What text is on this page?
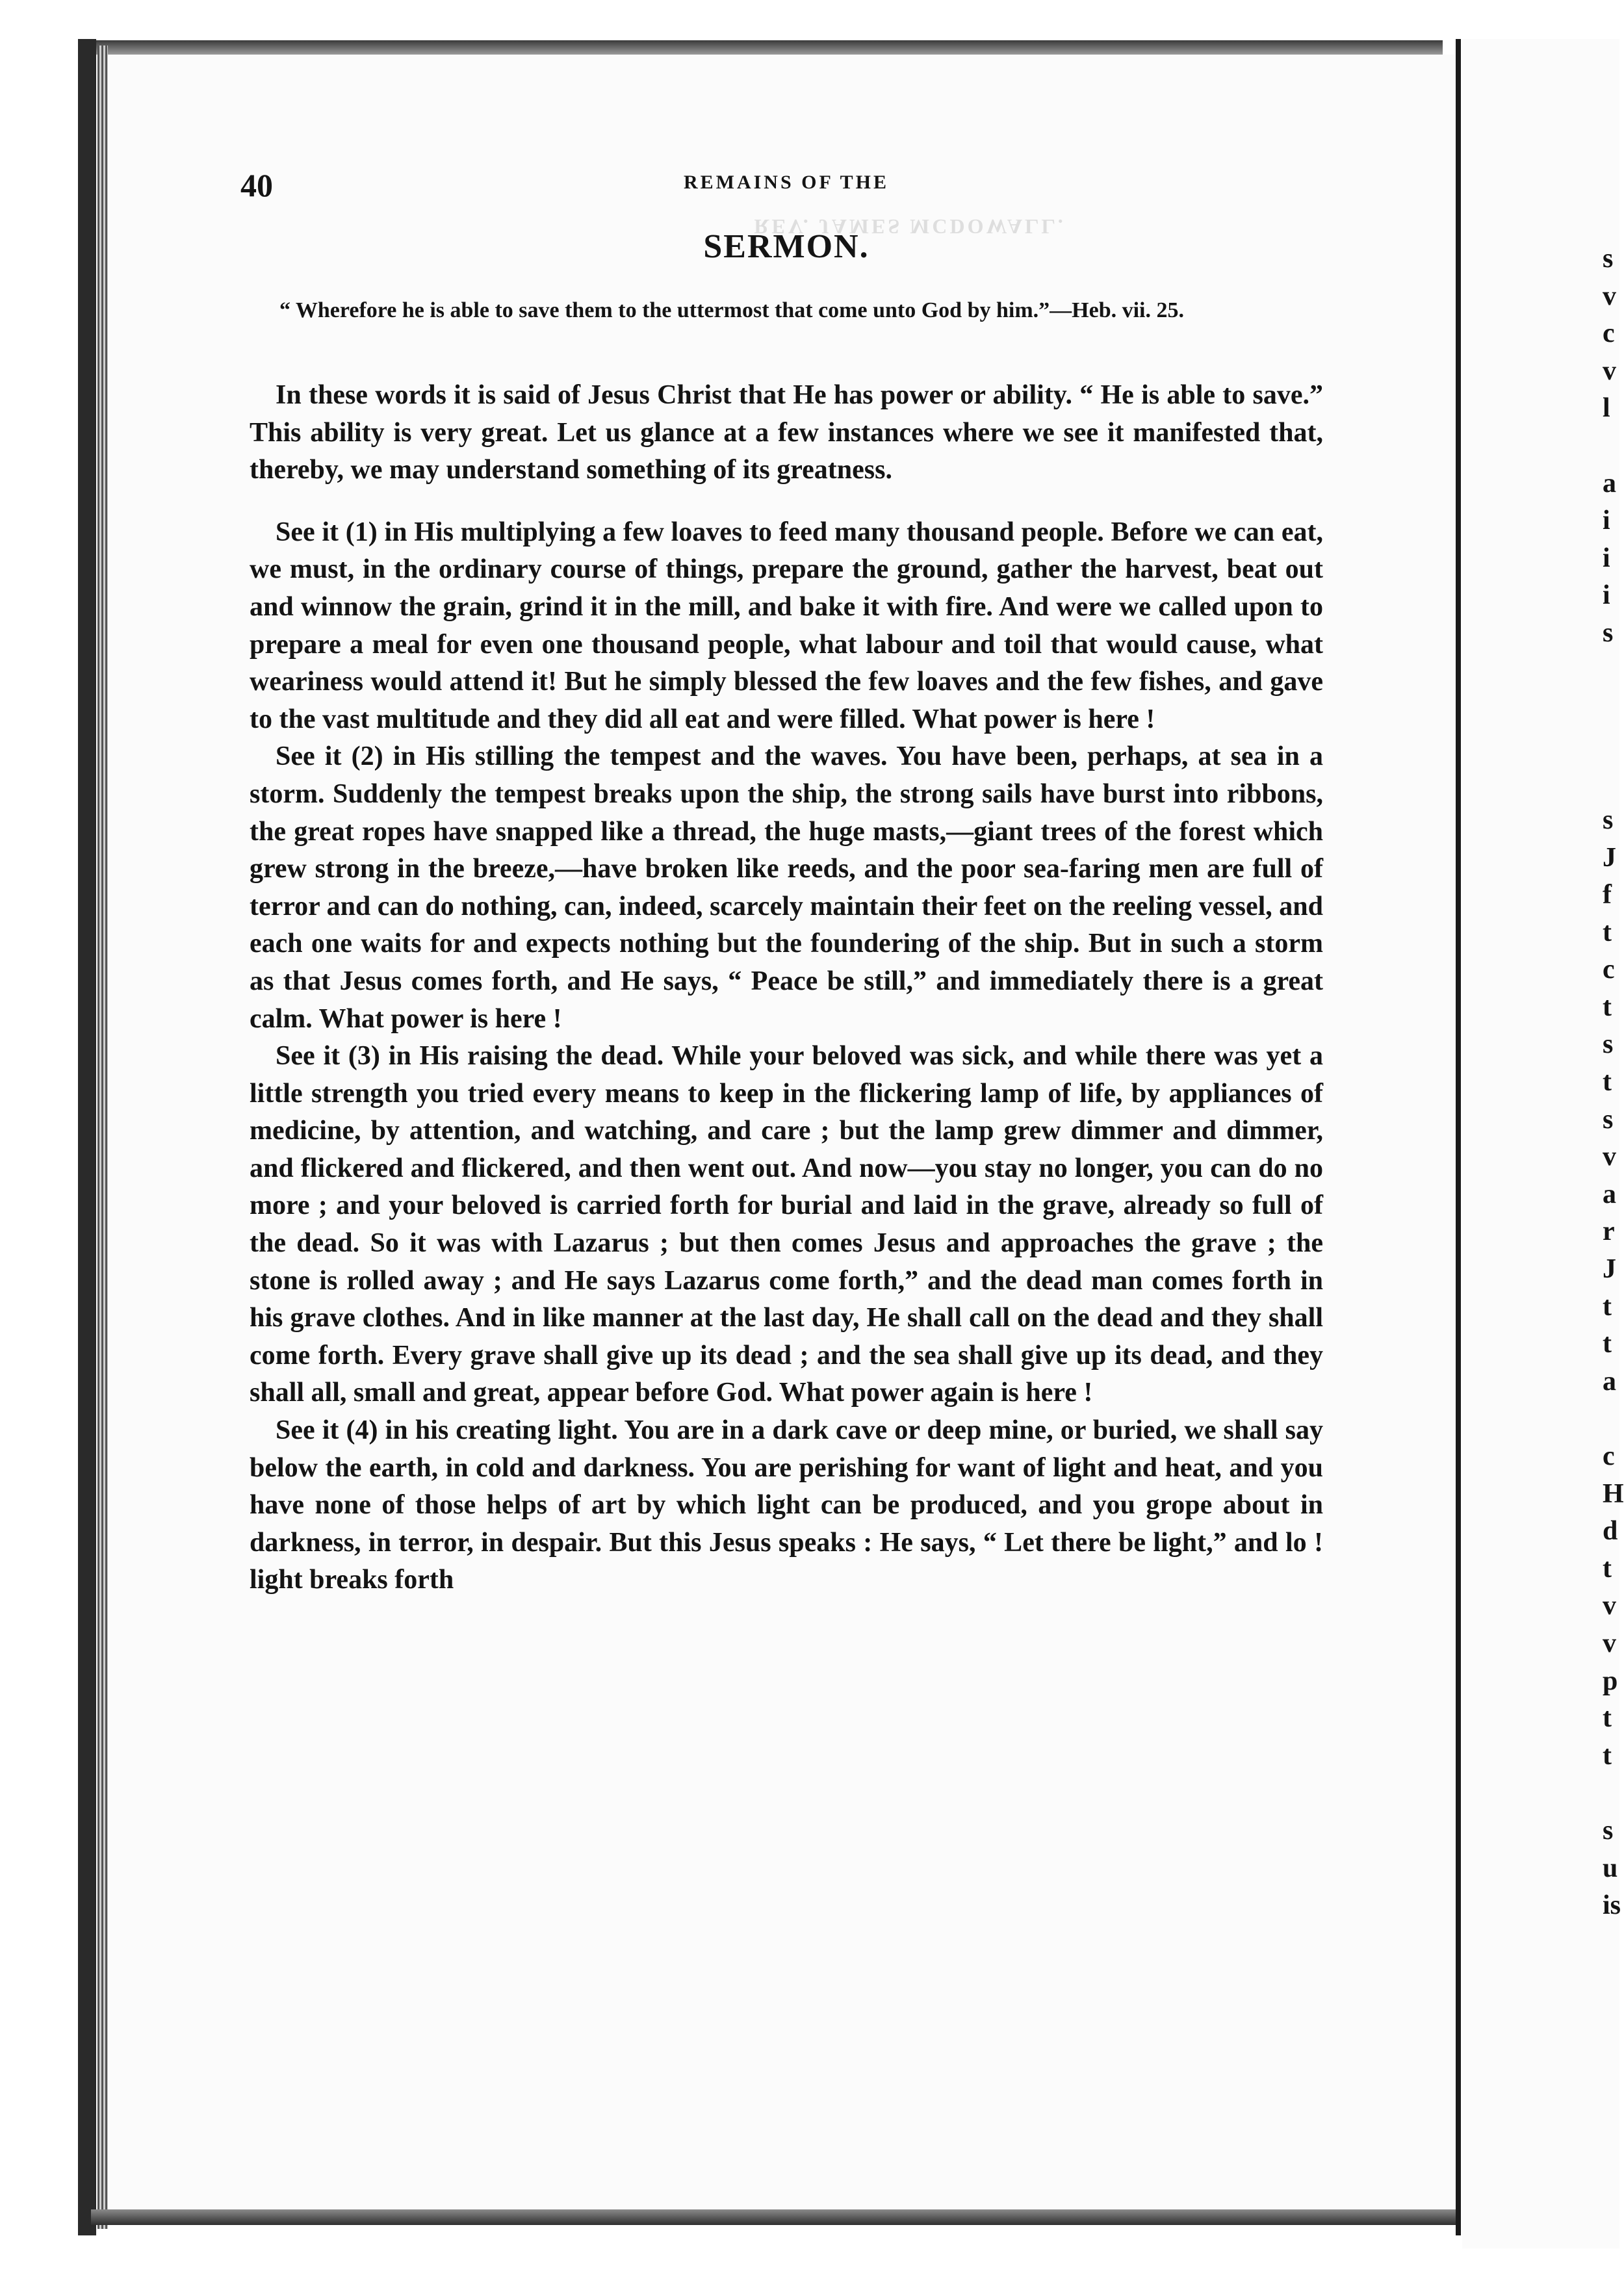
REV. JAMES MCDOWALL.
40	REMAINS OF THE
SERMON.
“ Wherefore he is able to save them to the uttermost that come unto God by him.”—Heb. vii. 25.

In these words it is said of Jesus Christ that He has power or ability. “ He is able to save.” This ability is very great. Let us glance at a few instances where we see it manifested that, thereby, we may understand something of its greatness.

See it (1) in His multiplying a few loaves to feed many thousand people. Before we can eat, we must, in the ordinary course of things, prepare the ground, gather the harvest, beat out and winnow the grain, grind it in the mill, and bake it with fire. And were we called upon to prepare a meal for even one thousand people, what labour and toil that would cause, what weariness would attend it! But he simply blessed the few loaves and the few fishes, and gave to the vast multitude and they did all eat and were filled. What power is here !

See it (2) in His stilling the tempest and the waves. You have been, perhaps, at sea in a storm. Suddenly the tempest breaks upon the ship, the strong sails have burst into ribbons, the great ropes have snapped like a thread, the huge masts,—giant trees of the forest which grew strong in the breeze,—have broken like reeds, and the poor sea-faring men are full of terror and can do nothing, can, indeed, scarcely maintain their feet on the reeling vessel, and each one waits for and expects nothing but the foundering of the ship. But in such a storm as that Jesus comes forth, and He says, “ Peace be still,” and immediately there is a great calm. What power is here !

See it (3) in His raising the dead. While your beloved was sick, and while there was yet a little strength you tried every means to keep in the flickering lamp of life, by appliances of medicine, by attention, and watching, and care ; but the lamp grew dimmer and dimmer, and flickered and flickered, and then went out. And now—you stay no longer, you can do no more ; and your beloved is carried forth for burial and laid in the grave, already so full of the dead. So it was with Lazarus ; but then comes Jesus and approaches the grave ; the stone is rolled away ; and He says Lazarus come forth,” and the dead man comes forth in his grave clothes. And in like manner at the last day, He shall call on the dead and they shall come forth. Every grave shall give up its dead ; and the sea shall give up its dead, and they shall all, small and great, appear before God. What power again is here !

See it (4) in his creating light. You are in a dark cave or deep mine, or buried, we shall say below the earth, in cold and darkness. You are perishing for want of light and heat, and you have none of those helps of art by which light can be produced, and you grope about in darkness, in terror, in despair. But this Jesus speaks : He says, “ Let there be light,” and lo ! light breaks forth

s
v
c
v
l
a
i
i
i
s
s
J
f
t
c
t
s
t
s
v
a
r
J
t
t
a
c
H
d
t
v
v
p
t
t
s
u
is
